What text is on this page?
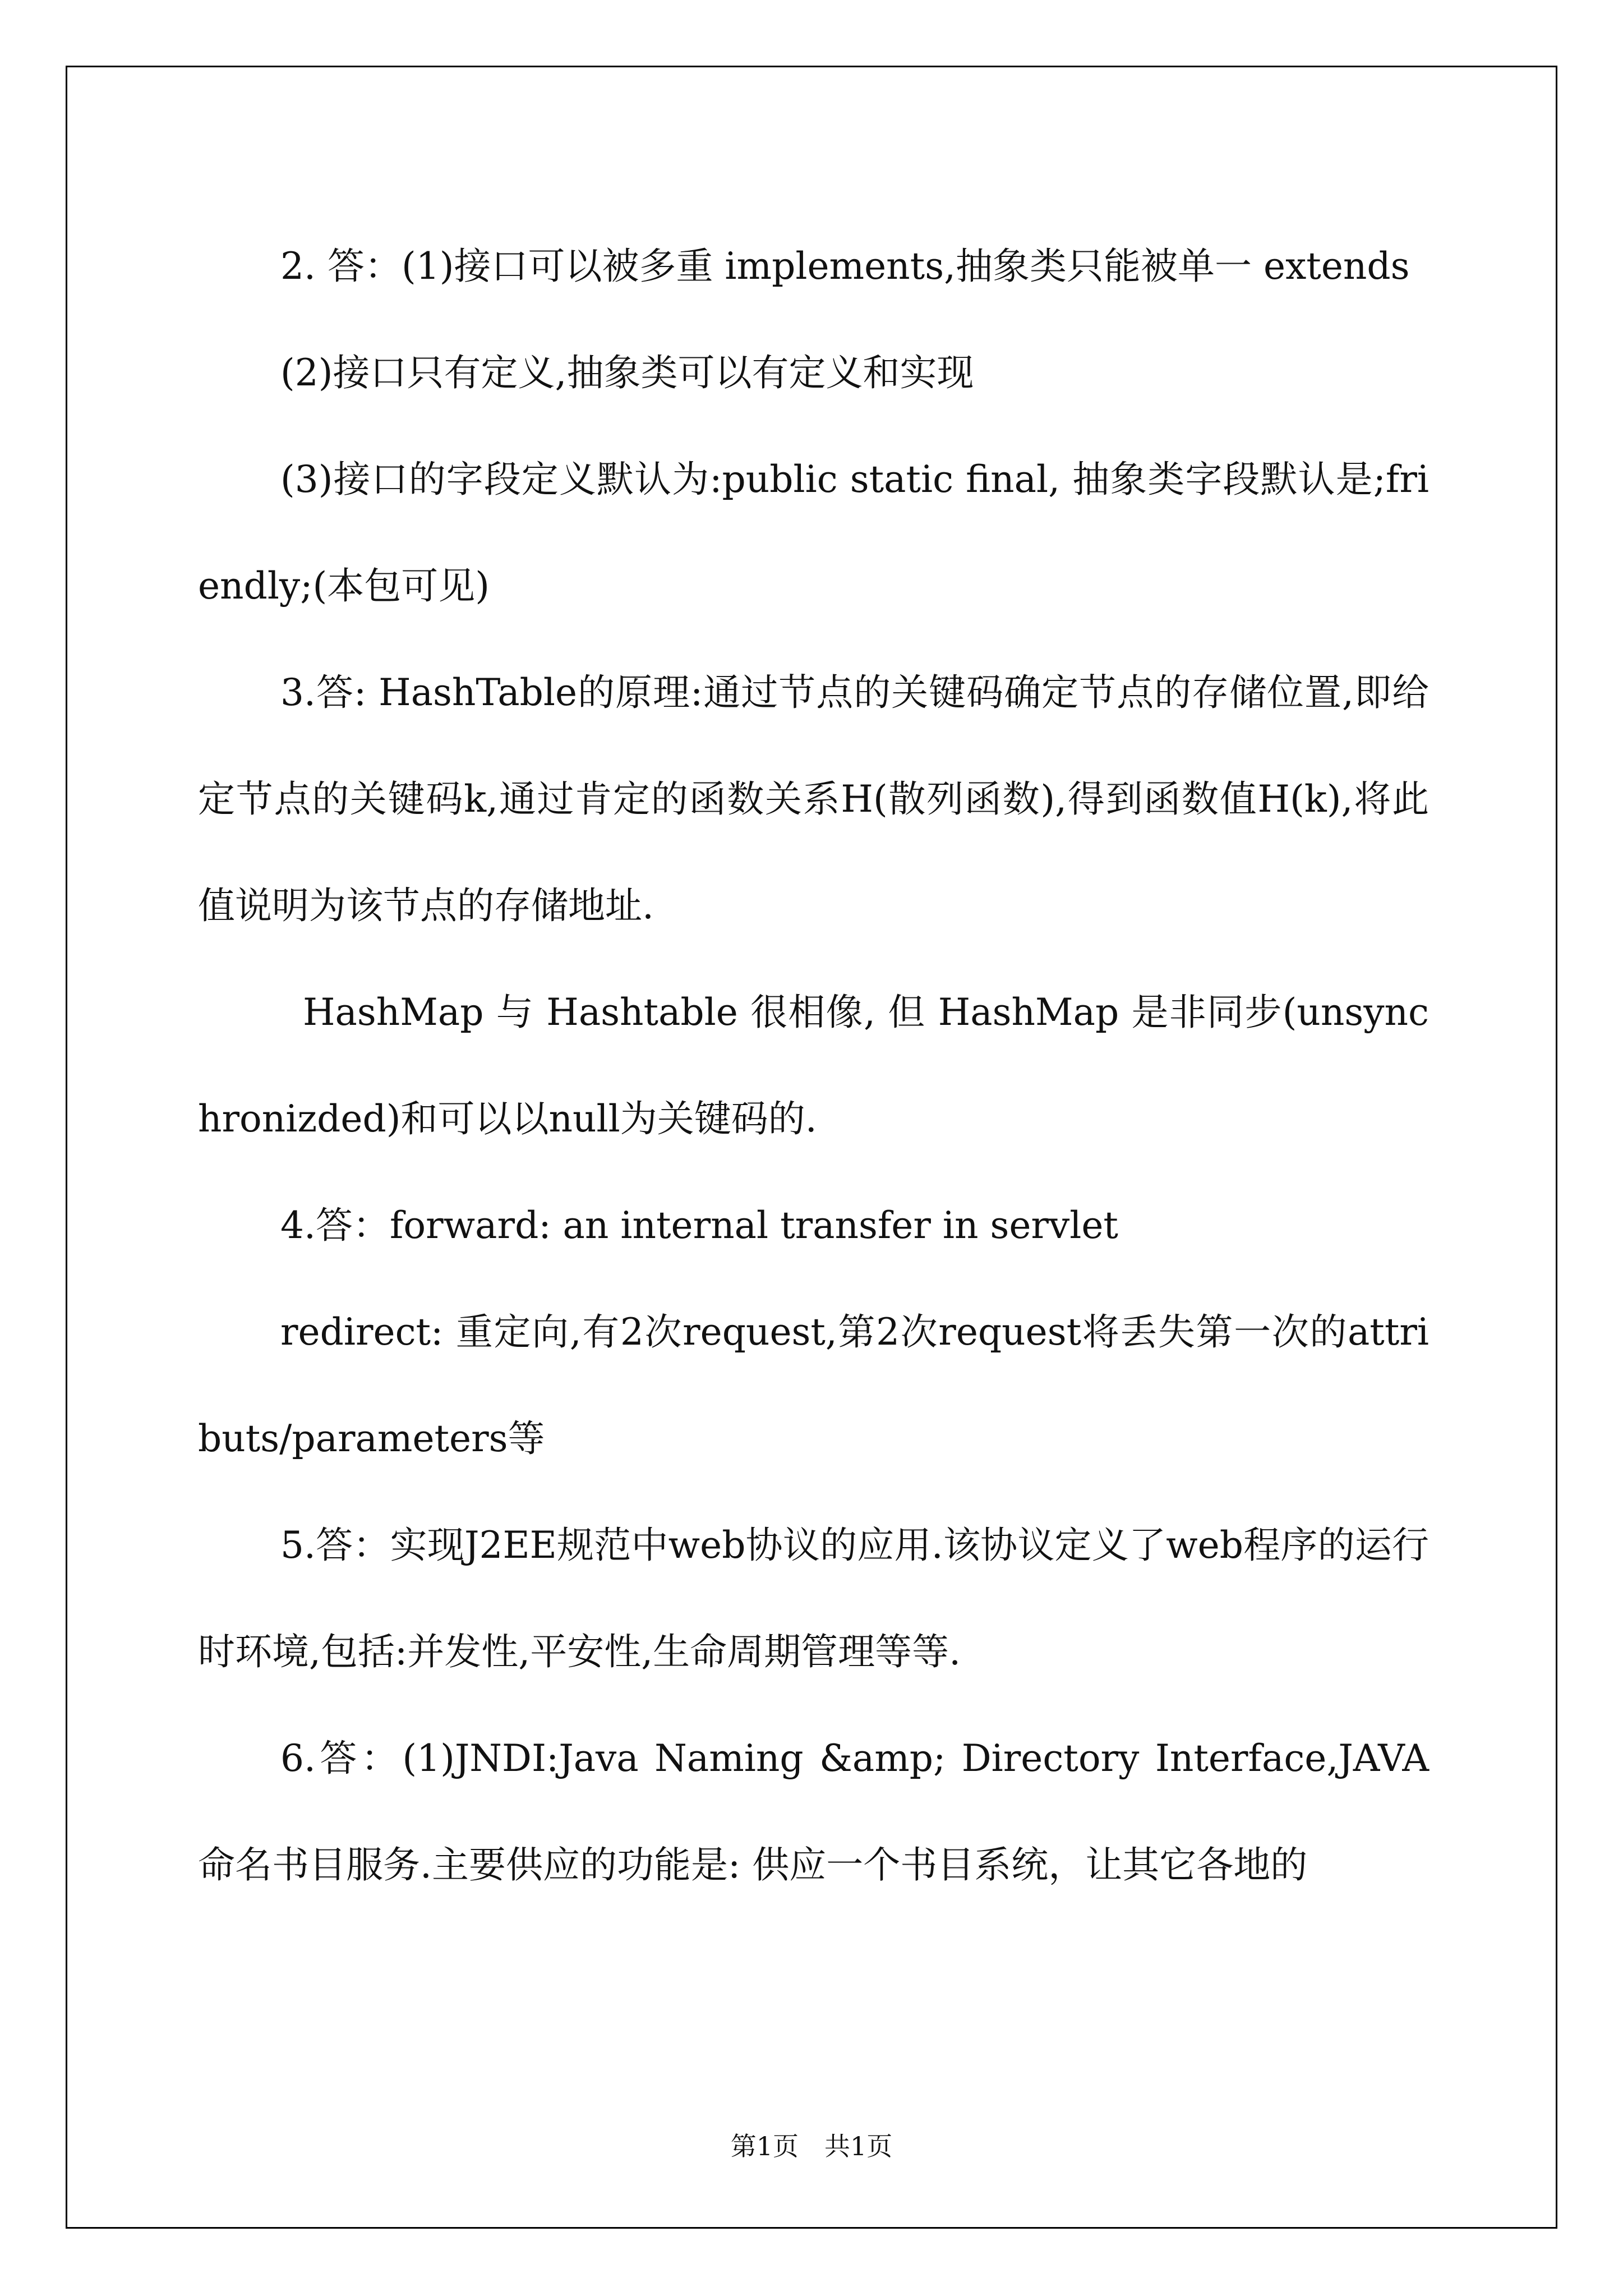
2. 答：(1)接口可以被多重 implements,抽象类只能被单一 extends

(2)接口只有定义,抽象类可以有定义和实现

(3)接口的字段定义默认为:public static final, 抽象类字段默认是;friendly;(本包可见)

3.答: HashTable的原理:通过节点的关键码确定节点的存储位置,即给定节点的关键码k,通过肯定的函数关系H(散列函数),得到函数值H(k),将此值说明为该节点的存储地址.

HashMap 与 Hashtable 很相像, 但 HashMap 是非同步(unsynchronizded)和可以以null为关键码的.

4.答：forward: an internal transfer in servlet

redirect: 重定向,有2次request,第2次request将丢失第一次的attributs/parameters等

5.答：实现J2EE规范中web协议的应用.该协议定义了web程序的运行时环境,包括:并发性,平安性,生命周期管理等等.

6.答：(1)JNDI:Java Naming &amp; Directory Interface,JAVA命名书目服务.主要供应的功能是: 供应一个书目系统，让其它各地的

第1页　共1页
